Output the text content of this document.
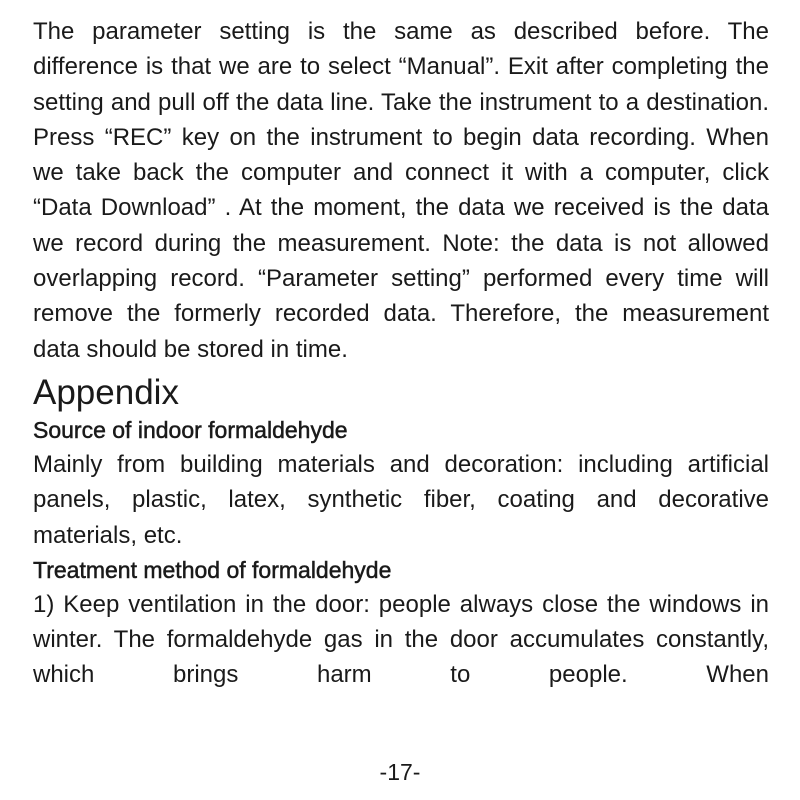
The parameter setting is the same as described before. The difference is that we are to select “Manual”. Exit after completing the setting and pull off the data line. Take the instrument to a destination. Press “REC” key on the instrument to begin data recording. When we take back the computer and connect it with a computer, click “Data Download” . At the moment, the data we received is the data we record during the measurement. Note: the data is not allowed overlapping record. “Parameter setting” performed every time will remove the formerly recorded data. Therefore, the measurement data should be stored in time.

Appendix
Source of indoor formaldehyde

Mainly from building materials and decoration: including artificial panels, plastic, latex, synthetic fiber, coating and decorative materials, etc.

Treatment method of formaldehyde

1) Keep ventilation in the door: people always close the windows in winter. The formaldehyde gas in the door accumulates constantly, which brings harm to people. When

-17-
